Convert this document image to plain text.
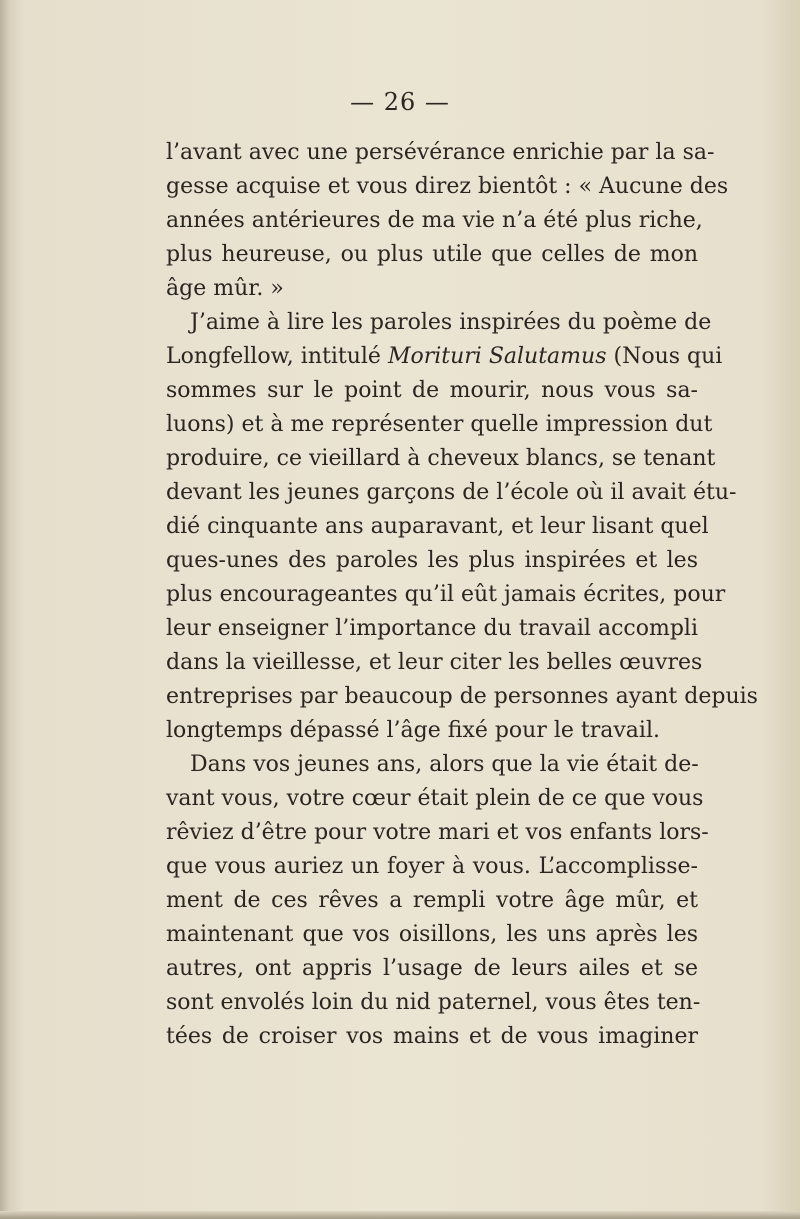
— 26 —
l’avant avec une persévérance enrichie par la sa-
gesse acquise et vous direz bientôt : « Aucune des
années antérieures de ma vie n’a été plus riche,
plus heureuse, ou plus utile que celles de mon
âge mûr. »
J’aime à lire les paroles inspirées du poème de
Longfellow, intitulé Morituri Salutamus (Nous qui
sommes sur le point de mourir, nous vous sa-
luons) et à me représenter quelle impression dut
produire, ce vieillard à cheveux blancs, se tenant
devant les jeunes garçons de l’école où il avait étu-
dié cinquante ans auparavant, et leur lisant quel
ques-unes des paroles les plus inspirées et les
plus encourageantes qu’il eût jamais écrites, pour
leur enseigner l’importance du travail accompli
dans la vieillesse, et leur citer les belles œuvres
entreprises par beaucoup de personnes ayant depuis
longtemps dépassé l’âge fixé pour le travail.
Dans vos jeunes ans, alors que la vie était de-
vant vous, votre cœur était plein de ce que vous
rêviez d’être pour votre mari et vos enfants lors-
que vous auriez un foyer à vous. L’accomplisse-
ment de ces rêves a rempli votre âge mûr, et
maintenant que vos oisillons, les uns après les
autres, ont appris l’usage de leurs ailes et se
sont envolés loin du nid paternel, vous êtes ten-
tées de croiser vos mains et de vous imaginer
